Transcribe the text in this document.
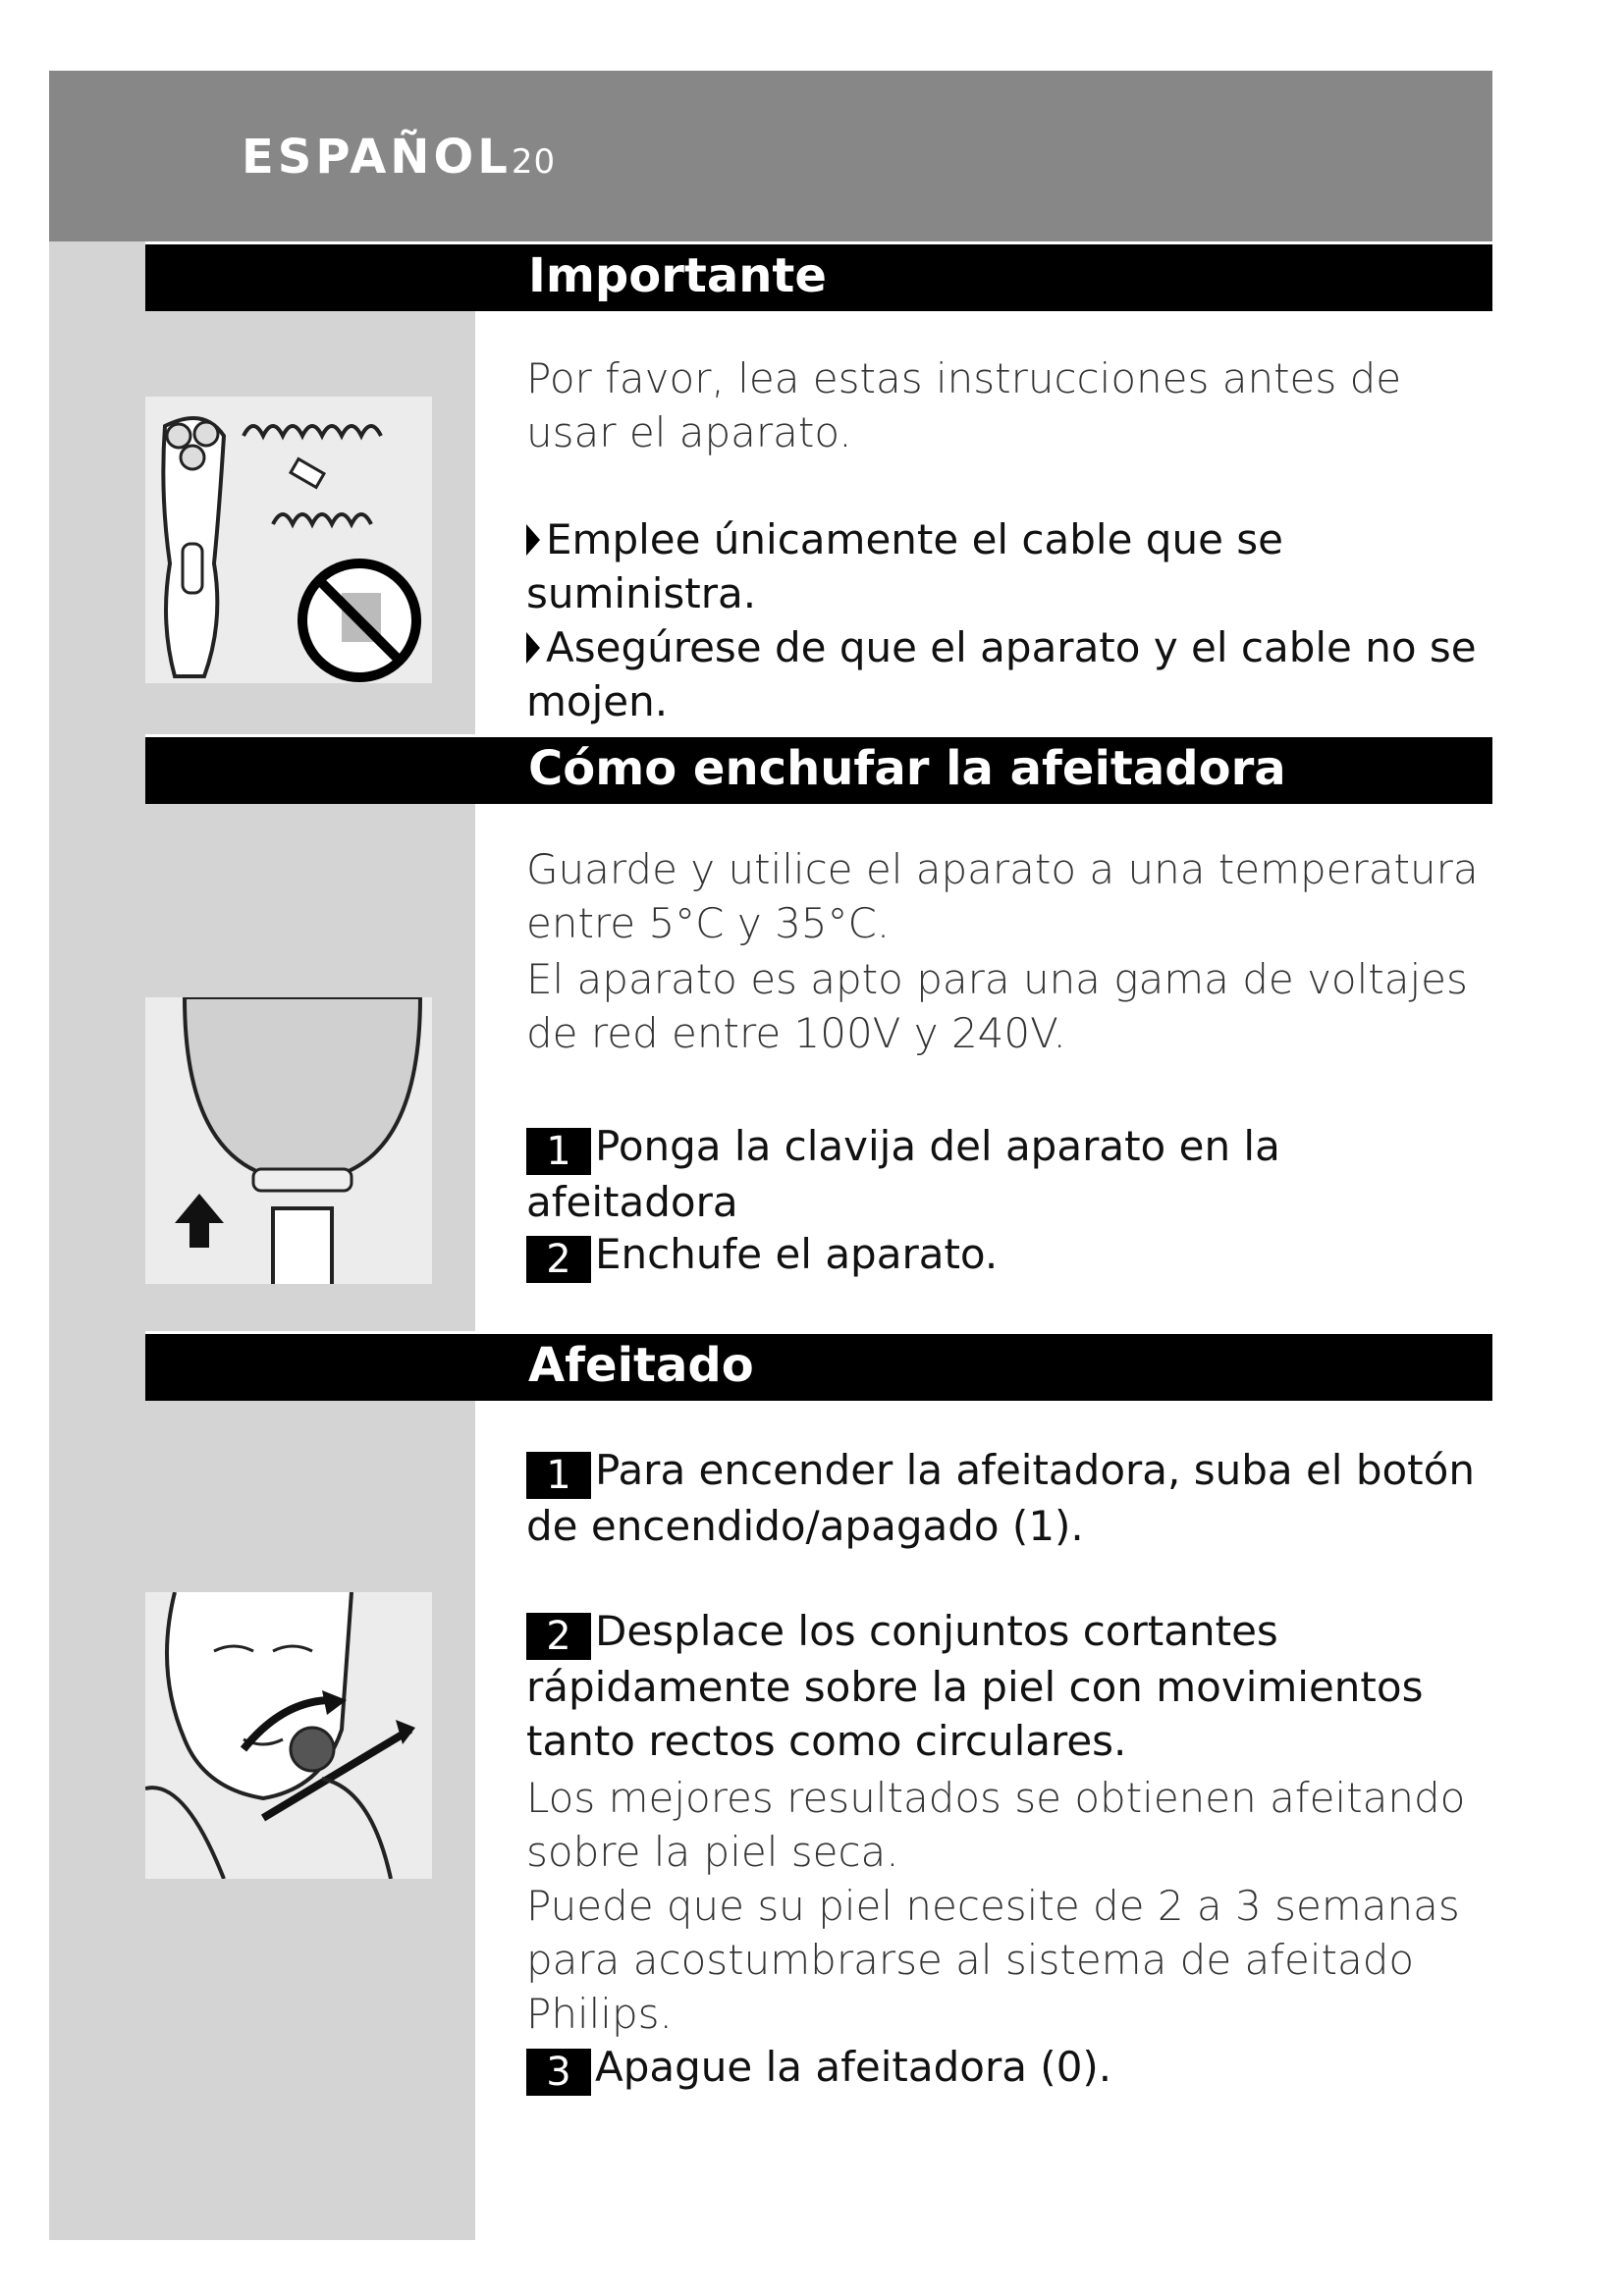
ESPAÑOL20
Importante
Por favor, lea estas instrucciones antes de usar el aparato.
Emplee únicamente el cable que se suministra.
Asegúrese de que el aparato y el cable no se mojen.
Cómo enchufar la afeitadora
Guarde y utilice el aparato a una temperatura entre 5°C y 35°C.
El aparato es apto para una gama de voltajes de red entre 100V y 240V.
1 Ponga la clavija del aparato en la afeitadora
2 Enchufe el aparato.
Afeitado
1 Para encender la afeitadora, suba el botón de encendido/apagado (1).
2 Desplace los conjuntos cortantes rápidamente sobre la piel con movimientos tanto rectos como circulares.
Los mejores resultados se obtienen afeitando sobre la piel seca.
Puede que su piel necesite de 2 a 3 semanas para acostumbrarse al sistema de afeitado Philips.
3 Apague la afeitadora (0).
